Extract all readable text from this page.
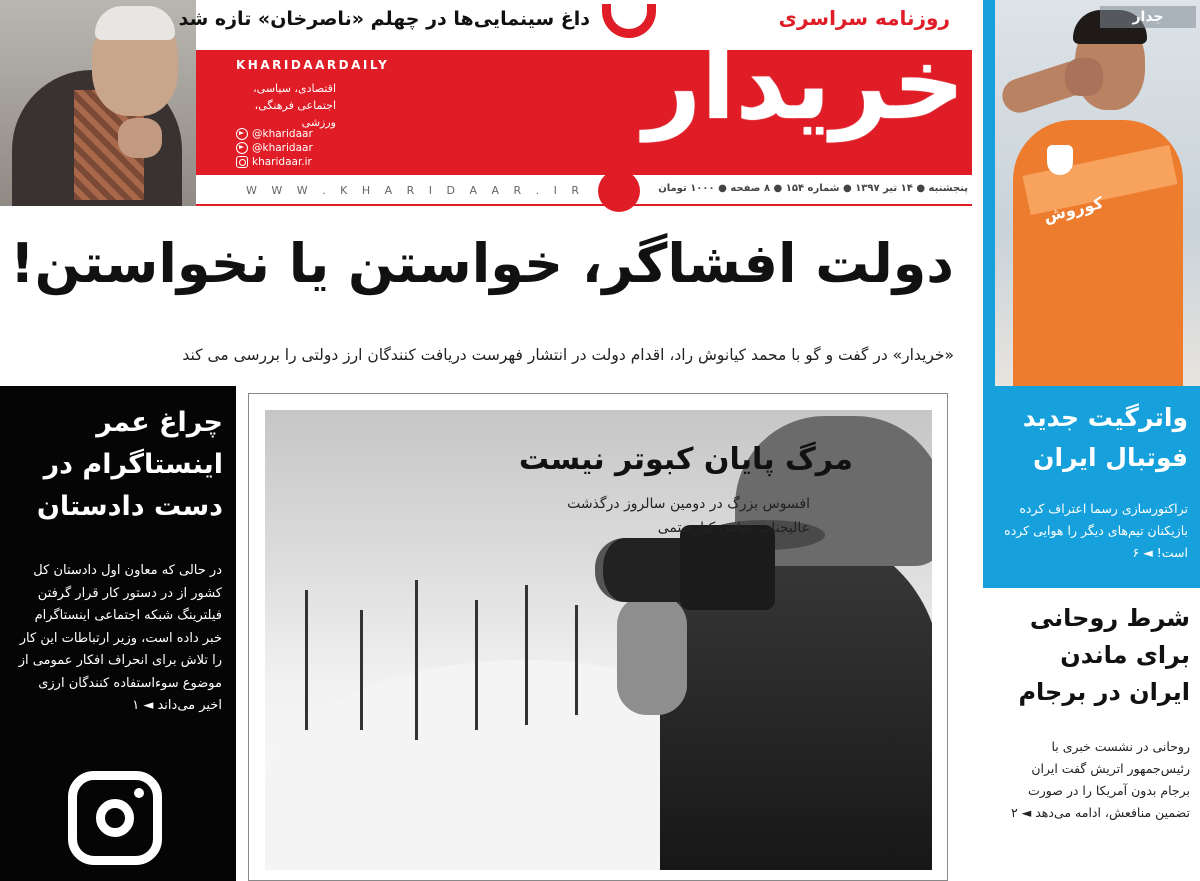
داغ سینمایی‌ها در چهلم «ناصرخان» تازه شد	روزنامه سراسری
خریدار
KHARIDAARDAILY
اقتصادی، سیاسی، اجتماعی فرهنگی، ورزشی
@kharidaar
@kharidaar
kharidaar.ir
W W W . K H A R I D A A R . I R	پنجشنبه ● ۱۴ تیر ۱۳۹۷ ● شماره ۱۵۴ ● ۸ صفحه ● ۱۰۰۰ تومان
کوروش
جدار
واترگیت جدید فوتبال ایران
تراکتورسازی رسما اعتراف کرده بازیکنان تیم‌های دیگر را هوایی کرده است! ◄ ۶
شرط روحانی برای ماندن ایران در برجام
روحانی در نشست خبری با رئیس‌جمهور اتریش گفت ایران برجام بدون آمریکا را در صورت تضمین منافعش، ادامه می‌دهد ◄ ۲
دولت افشاگر، خواستن یا نخواستن!
«خریدار» در گفت و گو با محمد کیانوش راد، اقدام دولت در انتشار فهرست دریافت کنندگان ارز دولتی را بررسی می کند
چراغ عمر اینستاگرام در دست دادستان
در حالی که معاون اول دادستان کل کشور از در دستور کار قرار گرفتن فیلترینگ شبکه اجتماعی اینستاگرام خبر داده است، وزیر ارتباطات این کار را تلاش برای انحراف افکار عمومی از موضوع سوءاستفاده کنندگان ارزی اخیر می‌داند ◄ ۱
مرگ پایان کبوتر نیست
افسوس بزرگ در دومین سالروز درگذشت عالیجناب عباس کیارستمی
